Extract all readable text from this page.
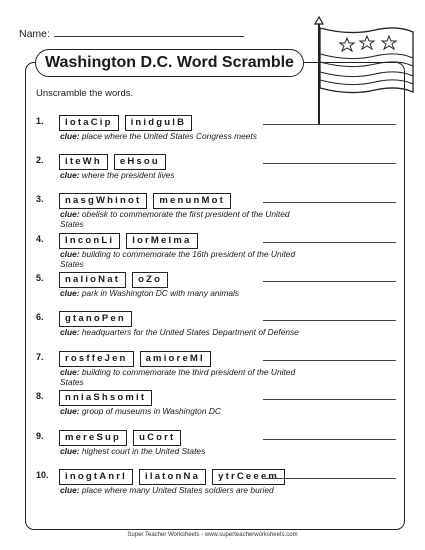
Name:
Washington D.C. Word Scramble
Unscramble the words.
1.	lotaCip inidgulB
clue: place where the United States Congress meets
2.	iteWh eHsou
clue: where the president lives
3.	nasgWhinot menunMot
clue: obelisk to commemorate the first president of the United States
4.	InconLi IorMeIma
clue: building to commemorate the 16th president of the United States
5.	nalioNat oZo
clue: park in Washington DC with many animals
6.	gtanoPen
clue: headquarters for the United States Department of Defense
7.	rosffeJen amioreMI
clue: building to commemorate the third president of the United States
8.	nniaShsomit
clue: group of museums in Washington DC
9.	mereSup uCort
clue: highest court in the United States
10.	inogtAnrl ilatonNa ytrCeeem
clue: place where many United States soldiers are buried
Super Teacher Worksheets - www.superteacherworksheets.com
